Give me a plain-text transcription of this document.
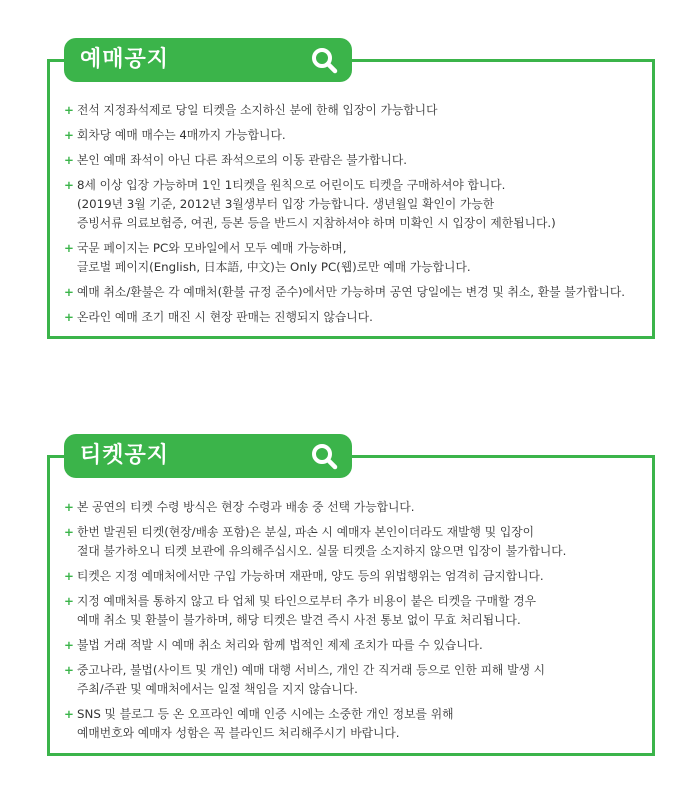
예매공지
+ 전석 지정좌석제로 당일 티켓을 소지하신 분에 한해 입장이 가능합니다
+ 회차당 예매 매수는 4매까지 가능합니다.
+ 본인 예매 좌석이 아닌 다른 좌석으로의 이동 관람은 불가합니다.
+ 8세 이상 입장 가능하며 1인 1티켓을 원칙으로 어린이도 티켓을 구매하셔야 합니다.
(2019년 3월 기준, 2012년 3월생부터 입장 가능합니다. 생년월일 확인이 가능한
증빙서류 의료보험증, 여권, 등본 등을 반드시 지참하셔야 하며 미확인 시 입장이 제한됩니다.)
+ 국문 페이지는 PC와 모바일에서 모두 예매 가능하며,
글로벌 페이지(English, 日本語, 中文)는 Only PC(웹)로만 예매 가능합니다.
+ 예매 취소/환불은 각 예매처(환불 규정 준수)에서만 가능하며 공연 당일에는 변경 및 취소, 환불 불가합니다.
+ 온라인 예매 조기 매진 시 현장 판매는 진행되지 않습니다.
티켓공지
+ 본 공연의 티켓 수령 방식은 현장 수령과 배송 중 선택 가능합니다.
+ 한번 발권된 티켓(현장/배송 포함)은 분실, 파손 시 예매자 본인이더라도 재발행 및 입장이
절대 불가하오니 티켓 보관에 유의해주십시오. 실물 티켓을 소지하지 않으면 입장이 불가합니다.
+ 티켓은 지정 예매처에서만 구입 가능하며 재판매, 양도 등의 위법행위는 엄격히 금지합니다.
+ 지정 예매처를 통하지 않고 타 업체 및 타인으로부터 추가 비용이 붙은 티켓을 구매할 경우
예매 취소 및 환불이 불가하며, 해당 티켓은 발견 즉시 사전 통보 없이 무효 처리됩니다.
+ 불법 거래 적발 시 예매 취소 처리와 함께 법적인 제제 조치가 따를 수 있습니다.
+ 중고나라, 불법(사이트 및 개인) 예매 대행 서비스, 개인 간 직거래 등으로 인한 피해 발생 시
주최/주관 및 예매처에서는 일절 책임을 지지 않습니다.
+ SNS 및 블로그 등 온 오프라인 예매 인증 시에는 소중한 개인 정보를 위해
예매번호와 예매자 성함은 꼭 블라인드 처리해주시기 바랍니다.
